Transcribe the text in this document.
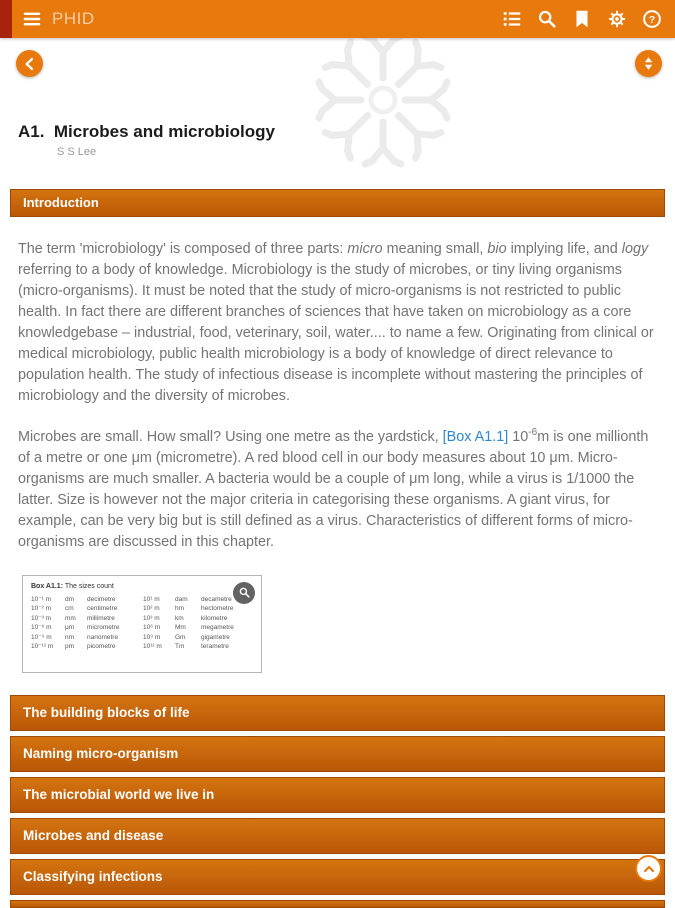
PHID	?
A1.  Microbes and microbiology
S S Lee
Introduction

The term 'microbiology' is composed of three parts: micro meaning small, bio implying life, and logy referring to a body of knowledge. Microbiology is the study of microbes, or tiny living organisms (micro-organisms). It must be noted that the study of micro-organisms is not restricted to public health. In fact there are different branches of sciences that have taken on microbiology as a core knowledgebase – industrial, food, veterinary, soil, water.... to name a few. Originating from clinical or medical microbiology, public health microbiology is a body of knowledge of direct relevance to population health. The study of infectious disease is incomplete without mastering the principles of microbiology and the diversity of microbes.

Microbes are small. How small? Using one metre as the yardstick, [Box A1.1] $10^{-6}m$ is one millionth of a metre or one μm (micrometre). A red blood cell in our body measures about 10 μm. Micro-organisms are much smaller. A bacteria would be a couple of μm long, while a virus is 1/1000 the latter. Size is however not the major criteria in categorising these organisms. A giant virus, for example, can be very big but is still defined as a virus. Characteristics of different forms of micro-organisms are discussed in this chapter.

Box A1.1: The sizes count
10⁻¹ m	dm	decimetre	10¹ m	dam	decametre
10⁻² m	cm	centimetre	10² m	hm	hectometre
10⁻³ m	mm	millimetre	10³ m	km	kilometre
10⁻⁶ m	μm	micrometre	10⁶ m	Mm	megametre
10⁻⁹ m	nm	nanometre	10⁹ m	Gm	gigametre
10⁻¹² m	pm	picometre	10¹² m	Tm	terametre
The building blocks of life
Naming micro-organism
The microbial world we live in
Microbes and disease
Classifying infections
